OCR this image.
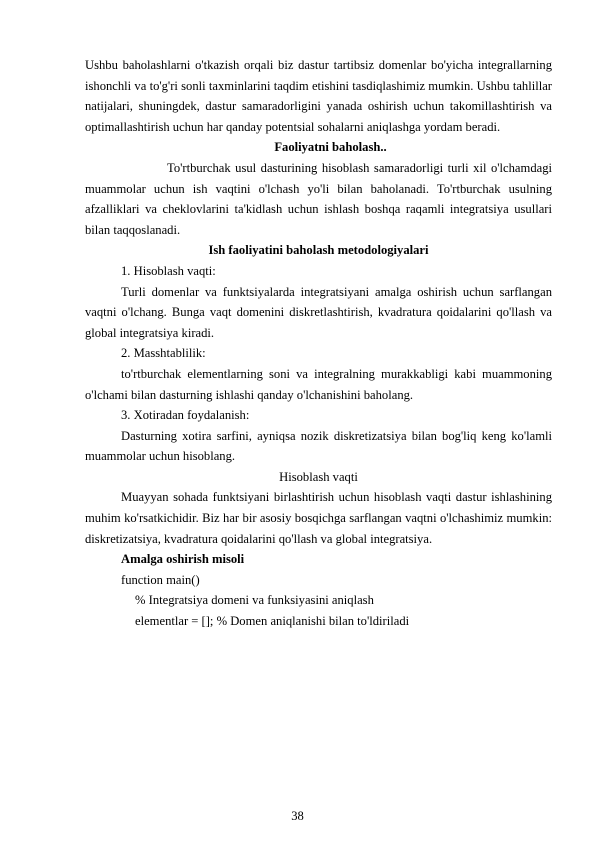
Ushbu baholashlarni o'tkazish orqali biz dastur tartibsiz domenlar bo'yicha integrallarning ishonchli va to'g'ri sonli taxminlarini taqdim etishini tasdiqlashimiz mumkin. Ushbu tahlillar natijalari, shuningdek, dastur samaradorligini yanada oshirish uchun takomillashtirish va optimallashtirish uchun har qanday potentsial sohalarni aniqlashga yordam beradi.

Faoliyatni baholash..

To'rtburchak usul dasturining hisoblash samaradorligi turli xil o'lchamdagi muammolar uchun ish vaqtini o'lchash yo'li bilan baholanadi. To'rtburchak usulning afzalliklari va cheklovlarini ta'kidlash uchun ishlash boshqa raqamli integratsiya usullari bilan taqqoslanadi.

Ish faoliyatini baholash metodologiyalari

1. Hisoblash vaqti:

Turli domenlar va funktsiyalarda integratsiyani amalga oshirish uchun sarflangan vaqtni o'lchang. Bunga vaqt domenini diskretlashtirish, kvadratura qoidalarini qo'llash va global integratsiya kiradi.

2. Masshtablilik:

to'rtburchak elementlarning soni va integralning murakkabligi kabi muammoning o'lchami bilan dasturning ishlashi qanday o'lchanishini baholang.

3. Xotiradan foydalanish:

Dasturning xotira sarfini, ayniqsa nozik diskretizatsiya bilan bog'liq keng ko'lamli muammolar uchun hisoblang.

Hisoblash vaqti

Muayyan sohada funktsiyani birlashtirish uchun hisoblash vaqti dastur ishlashining muhim ko'rsatkichidir. Biz har bir asosiy bosqichga sarflangan vaqtni o'lchashimiz mumkin: diskretizatsiya, kvadratura qoidalarini qo'llash va global integratsiya.

Amalga oshirish misoli

function main()

% Integratsiya domeni va funksiyasini aniqlash

elementlar = []; % Domen aniqlanishi bilan to'ldiriladi

38
